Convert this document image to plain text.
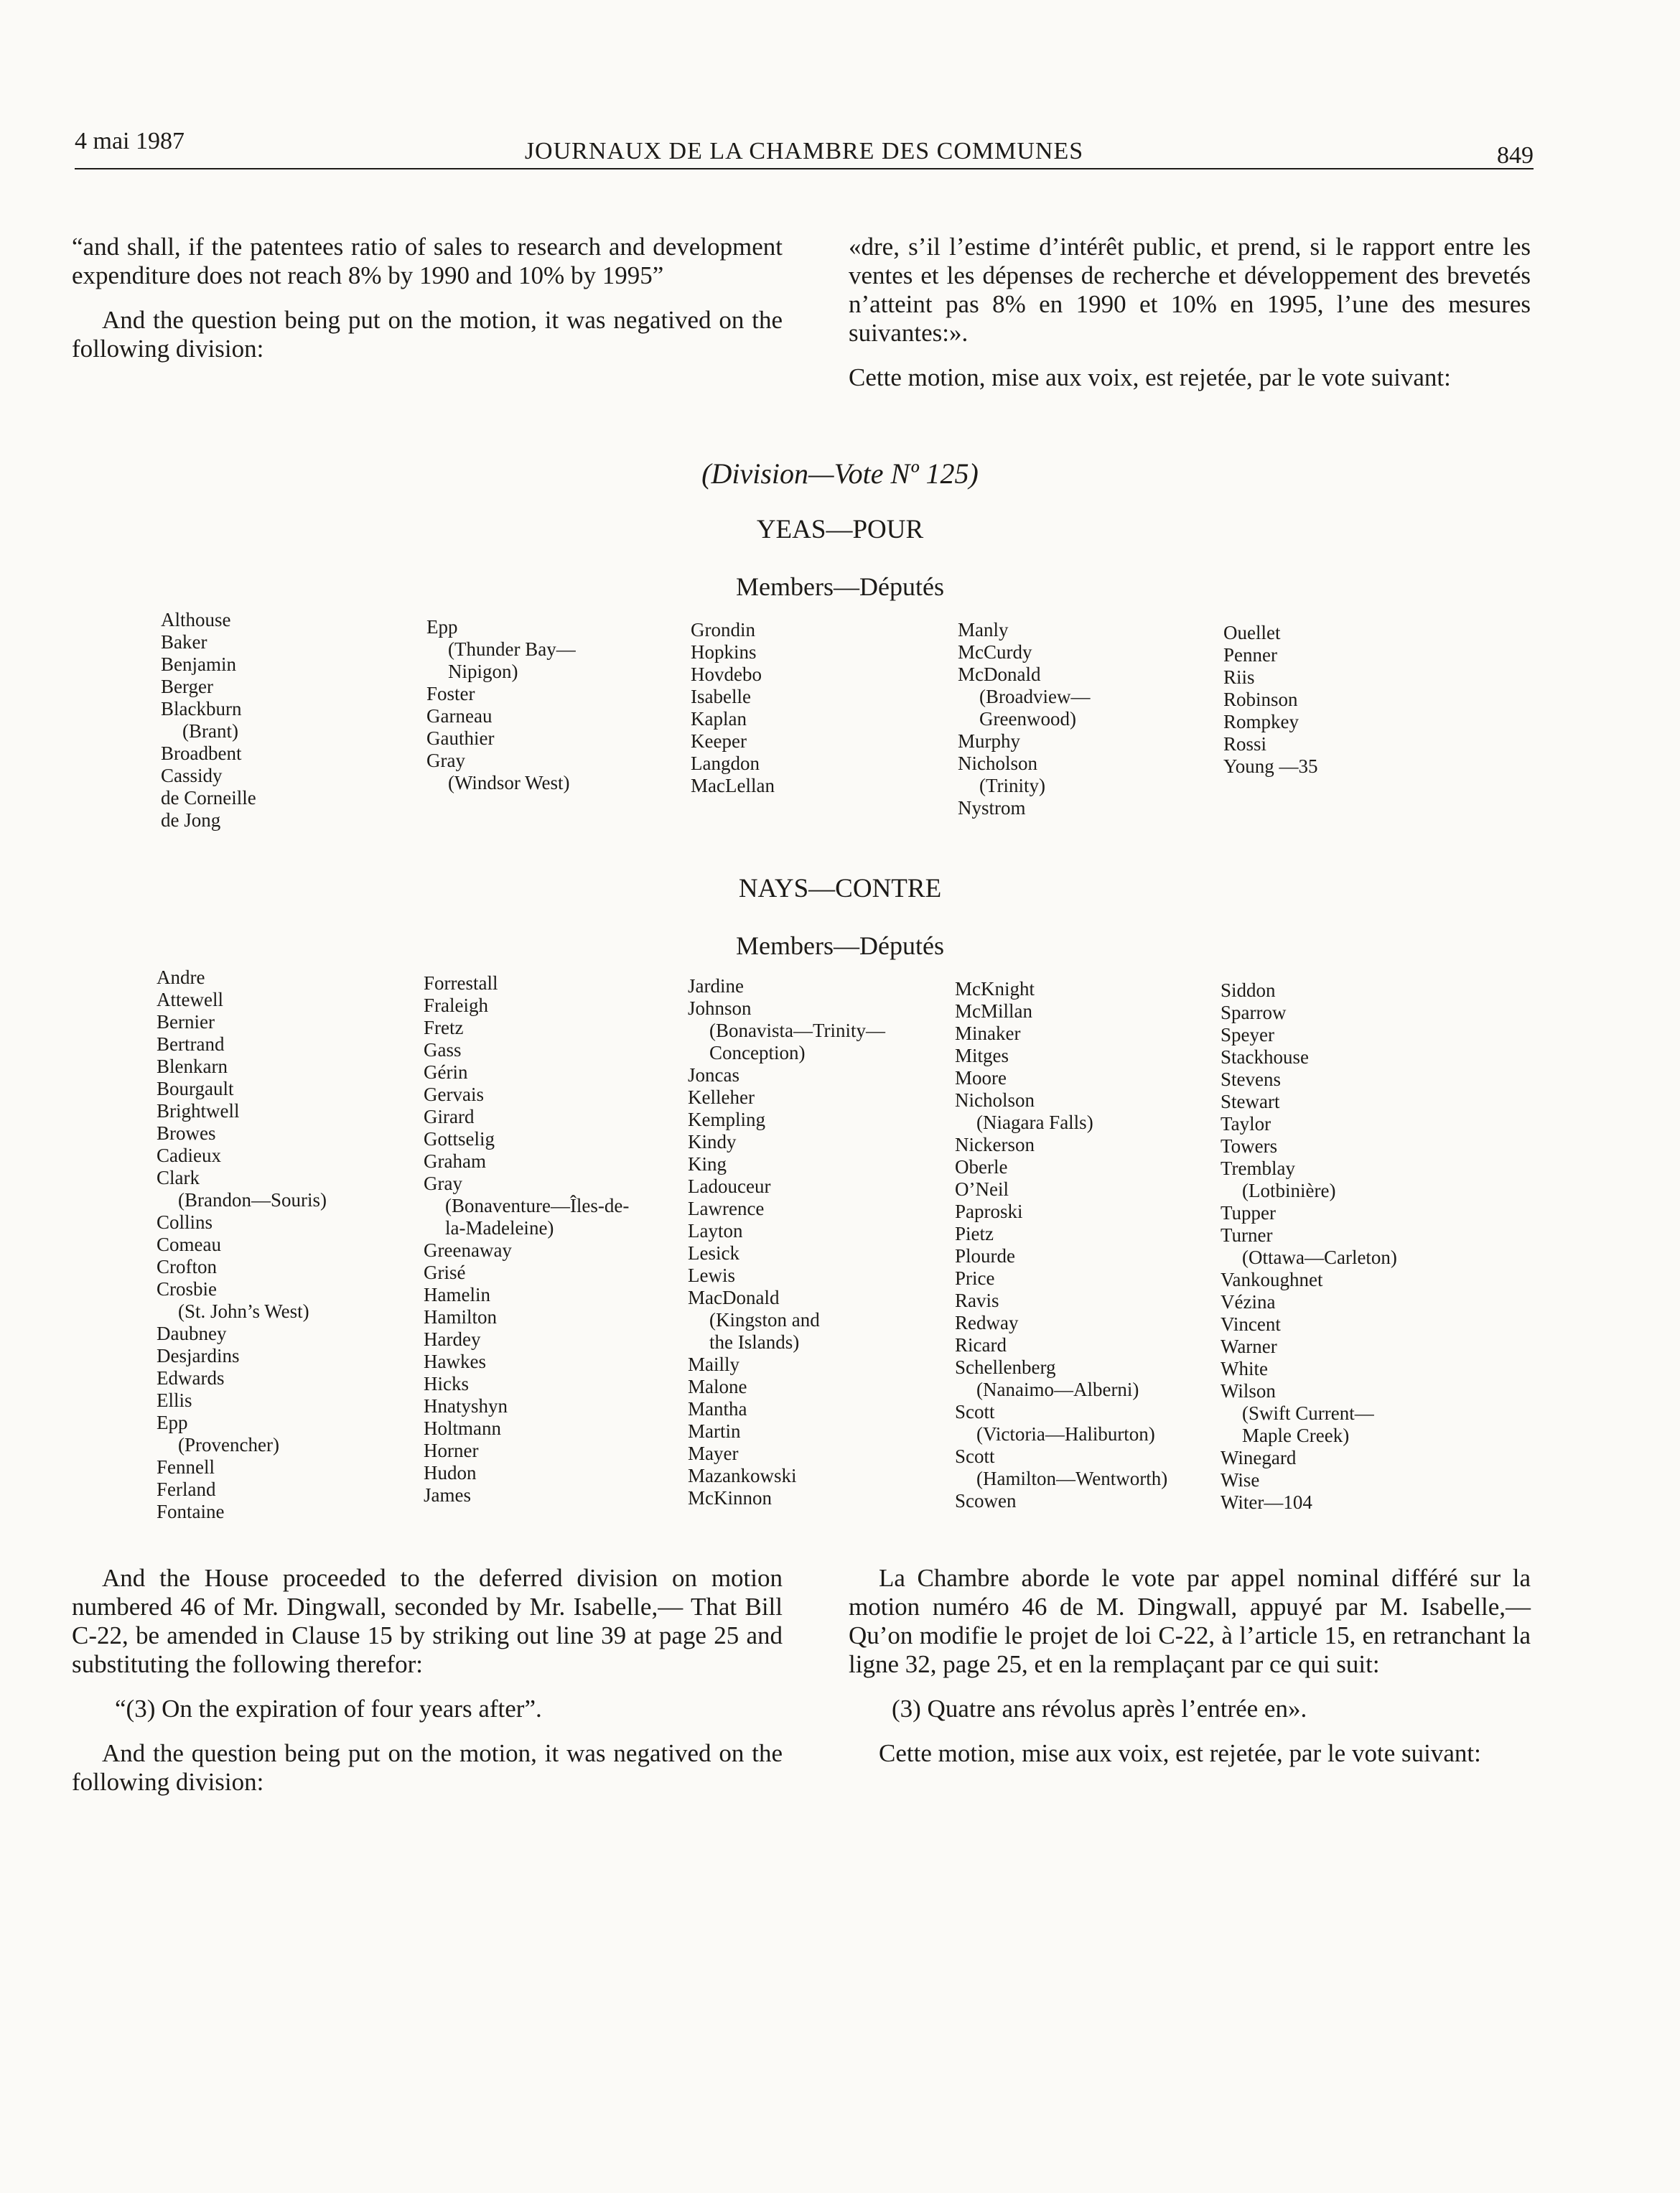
4 mai 1987	JOURNAUX DE LA CHAMBRE DES COMMUNES	849

“and shall, if the patentees ratio of sales to research and development expenditure does not reach 8% by 1990 and 10% by 1995”

And the question being put on the motion, it was negatived on the following division:

«dre, s’il l’estime d’intérêt public, et prend, si le rapport entre les ventes et les dépenses de recherche et développement des brevetés n’atteint pas 8% en 1990 et 10% en 1995, l’une des mesures suivantes:».

Cette motion, mise aux voix, est rejetée, par le vote suivant:

(Division—Vote Nº 125)
YEAS—POUR
Members—Députés
Althouse
Baker
Benjamin
Berger
Blackburn
(Brant)
Broadbent
Cassidy
de Corneille
de Jong
Epp
(Thunder Bay—
Nipigon)
Foster
Garneau
Gauthier
Gray
(Windsor West)
Grondin
Hopkins
Hovdebo
Isabelle
Kaplan
Keeper
Langdon
MacLellan
Manly
McCurdy
McDonald
(Broadview—
Greenwood)
Murphy
Nicholson
(Trinity)
Nystrom
Ouellet
Penner
Riis
Robinson
Rompkey
Rossi
Young —35
NAYS—CONTRE
Members—Députés
Andre
Attewell
Bernier
Bertrand
Blenkarn
Bourgault
Brightwell
Browes
Cadieux
Clark
(Brandon—Souris)
Collins
Comeau
Crofton
Crosbie
(St. John’s West)
Daubney
Desjardins
Edwards
Ellis
Epp
(Provencher)
Fennell
Ferland
Fontaine
Forrestall
Fraleigh
Fretz
Gass
Gérin
Gervais
Girard
Gottselig
Graham
Gray
(Bonaventure—Îles-de-
la-Madeleine)
Greenaway
Grisé
Hamelin
Hamilton
Hardey
Hawkes
Hicks
Hnatyshyn
Holtmann
Horner
Hudon
James
Jardine
Johnson
(Bonavista—Trinity—
Conception)
Joncas
Kelleher
Kempling
Kindy
King
Ladouceur
Lawrence
Layton
Lesick
Lewis
MacDonald
(Kingston and
the Islands)
Mailly
Malone
Mantha
Martin
Mayer
Mazankowski
McKinnon
McKnight
McMillan
Minaker
Mitges
Moore
Nicholson
(Niagara Falls)
Nickerson
Oberle
O’Neil
Paproski
Pietz
Plourde
Price
Ravis
Redway
Ricard
Schellenberg
(Nanaimo—Alberni)
Scott
(Victoria—Haliburton)
Scott
(Hamilton—Wentworth)
Scowen
Siddon
Sparrow
Speyer
Stackhouse
Stevens
Stewart
Taylor
Towers
Tremblay
(Lotbinière)
Tupper
Turner
(Ottawa—Carleton)
Vankoughnet
Vézina
Vincent
Warner
White
Wilson
(Swift Current—
Maple Creek)
Winegard
Wise
Witer—104

And the House proceeded to the deferred division on motion numbered 46 of Mr. Dingwall, seconded by Mr. Isabelle,— That Bill C-22, be amended in Clause 15 by striking out line 39 at page 25 and substituting the following therefor:

“(3) On the expiration of four years after”.

And the question being put on the motion, it was negatived on the following division:

La Chambre aborde le vote par appel nominal différé sur la motion numéro 46 de M. Dingwall, appuyé par M. Isabelle,— Qu’on modifie le projet de loi C-22, à l’article 15, en retranchant la ligne 32, page 25, et en la remplaçant par ce qui suit:

(3) Quatre ans révolus après l’entrée en».

Cette motion, mise aux voix, est rejetée, par le vote suivant:
